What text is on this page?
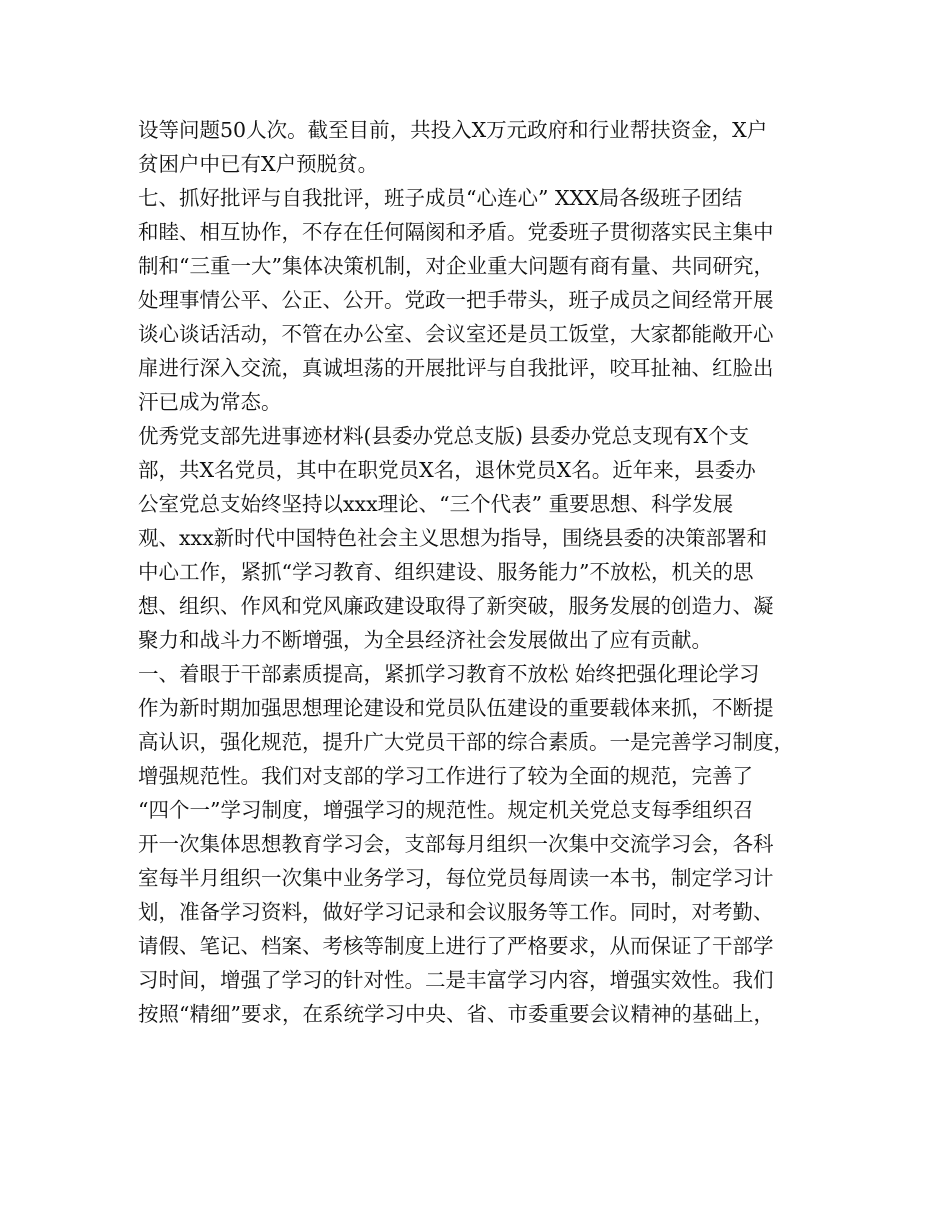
设等问题50人次。截至目前，共投入X万元政府和行业帮扶资金，X户
贫困户中已有X户预脱贫。
七、抓好批评与自我批评，班子成员“心连心” XXX局各级班子团结
和睦、相互协作，不存在任何隔阂和矛盾。党委班子贯彻落实民主集中
制和“三重一大”集体决策机制，对企业重大问题有商有量、共同研究，
处理事情公平、公正、公开。党政一把手带头，班子成员之间经常开展
谈心谈话活动，不管在办公室、会议室还是员工饭堂，大家都能敞开心
扉进行深入交流，真诚坦荡的开展批评与自我批评，咬耳扯袖、红脸出
汗已成为常态。
优秀党支部先进事迹材料(县委办党总支版) 县委办党总支现有X个支
部，共X名党员，其中在职党员X名，退休党员X名。近年来，县委办
公室党总支始终坚持以xxx理论、“三个代表” 重要思想、科学发展
观、xxx新时代中国特色社会主义思想为指导，围绕县委的决策部署和
中心工作，紧抓“学习教育、组织建设、服务能力”不放松，机关的思
想、组织、作风和党风廉政建设取得了新突破，服务发展的创造力、凝
聚力和战斗力不断增强，为全县经济社会发展做出了应有贡献。
一、着眼于干部素质提高，紧抓学习教育不放松 始终把强化理论学习
作为新时期加强思想理论建设和党员队伍建设的重要载体来抓，不断提
高认识，强化规范，提升广大党员干部的综合素质。一是完善学习制度，
增强规范性。我们对支部的学习工作进行了较为全面的规范，完善了
“四个一”学习制度，增强学习的规范性。规定机关党总支每季组织召
开一次集体思想教育学习会，支部每月组织一次集中交流学习会，各科
室每半月组织一次集中业务学习，每位党员每周读一本书，制定学习计
划，准备学习资料，做好学习记录和会议服务等工作。同时，对考勤、
请假、笔记、档案、考核等制度上进行了严格要求，从而保证了干部学
习时间，增强了学习的针对性。二是丰富学习内容，增强实效性。我们
按照“精细”要求，在系统学习中央、省、市委重要会议精神的基础上，
